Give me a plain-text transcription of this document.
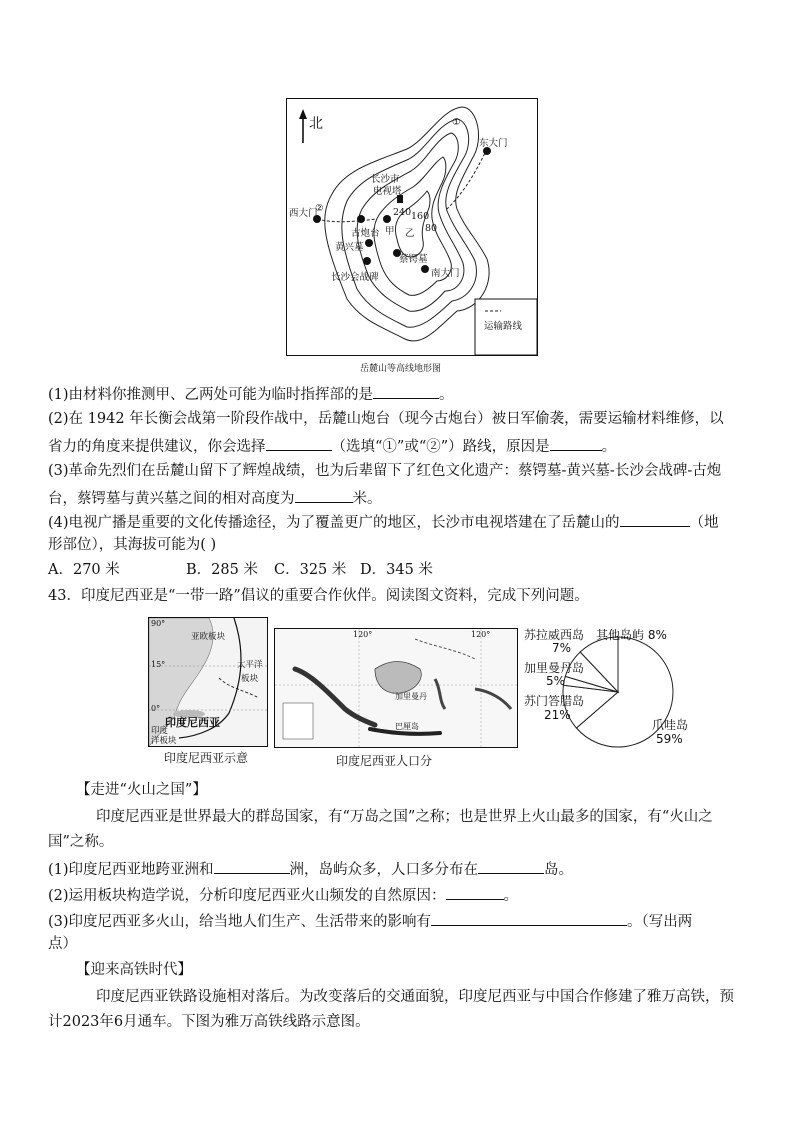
北	①
东大门
西大门
②
长沙市
电视塔
240 160
80
甲 乙
古炮台
黄兴墓
蔡锷墓
南大门
长沙会战碑
运输路线
岳麓山等高线地形图
(1)由材料你推测甲、乙两处可能为临时指挥部的是	。
(2)在 1942 年长衡会战第一阶段作战中，岳麓山炮台（现今古炮台）被日军偷袭，需要运输材料维修，以
省力的角度来提供建议，你会选择	（选填“①”或“②”）路线，原因是	。
(3)革命先烈们在岳麓山留下了辉煌战绩，也为后辈留下了红色文化遗产：蔡锷墓-黄兴墓-长沙会战碑-古炮
台，蔡锷墓与黄兴墓之间的相对高度为	米。
(4)电视广播是重要的文化传播途径，为了覆盖更广的地区，长沙市电视塔建在了岳麓山的	（地
形部位），其海拔可能为( )
A．270 米	B．285 米 C．325 米 D．345 米
43．印度尼西亚是“一带一路”倡议的重要合作伙伴。阅读图文资料，完成下列问题。
90°
15°
0°
亚欧板块
太平洋
板块
印度尼西亚
印度
洋板块
印度尼西亚示意
120°	120°
加里曼丹
巴厘岛
印度尼西亚人口分
苏拉威西岛
7%
其他岛屿 8%
加里曼丹岛
5%
苏门答腊岛
21%
爪哇岛
59%
【走进“火山之国”】
印度尼西亚是世界最大的群岛国家，有“万岛之国”之称；也是世界上火山最多的国家，有“火山之
国”之称。
(1)印度尼西亚地跨亚洲和	洲，岛屿众多，人口多分布在	岛。
(2)运用板块构造学说，分析印度尼西亚火山频发的自然原因：	。
(3)印度尼西亚多火山，给当地人们生产、生活带来的影响有	。（写出两
点）
【迎来高铁时代】
印度尼西亚铁路设施相对落后。为改变落后的交通面貌，印度尼西亚与中国合作修建了雅万高铁，预
计2023年6月通车。下图为雅万高铁线路示意图。
